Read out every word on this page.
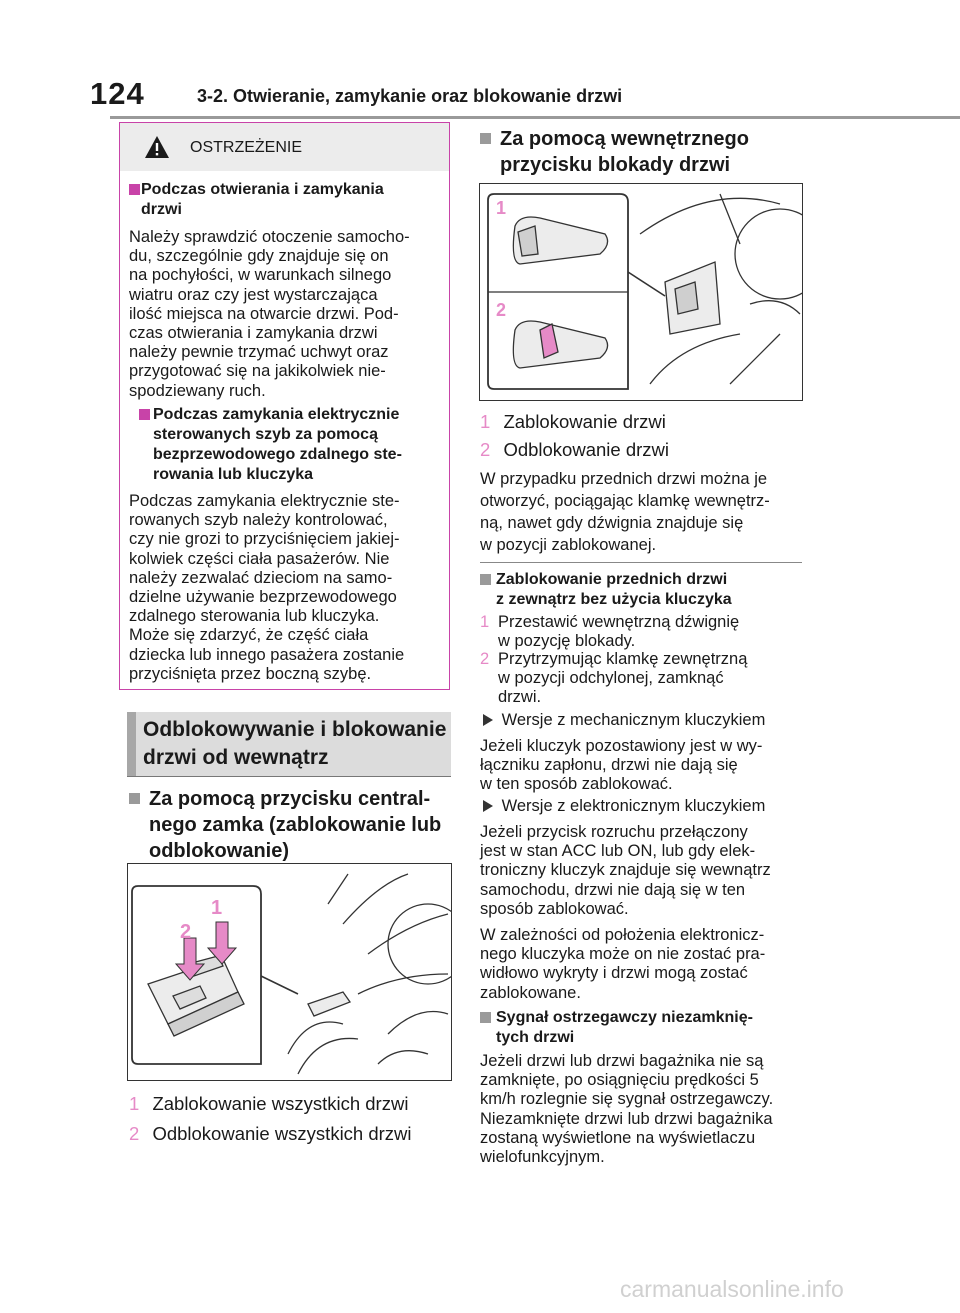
124	3-2. Otwieranie, zamykanie oraz blokowanie drzwi
OSTRZEŻENIE
Podczas otwierania i zamykania
drzwi
Należy sprawdzić otoczenie samocho-
du, szczególnie gdy znajduje się on
na pochyłości, w warunkach silnego
wiatru oraz czy jest wystarczająca
ilość miejsca na otwarcie drzwi. Pod-
czas otwierania i zamykania drzwi
należy pewnie trzymać uchwyt oraz
przygotować się na jakikolwiek nie-
spodziewany ruch.
Podczas zamykania elektrycznie
sterowanych szyb za pomocą
bezprzewodowego zdalnego ste-
rowania lub kluczyka
Podczas zamykania elektrycznie ste-
rowanych szyb należy kontrolować,
czy nie grozi to przyciśnięciem jakiej-
kolwiek części ciała pasażerów. Nie
należy zezwalać dzieciom na samo-
dzielne używanie bezprzewodowego
zdalnego sterowania lub kluczyka.
Może się zdarzyć, że część ciała
dziecka lub innego pasażera zostanie
przyciśnięta przez boczną szybę.
Odblokowywanie i blokowanie
drzwi od wewnątrz
Za pomocą przycisku central-
nego zamka (zablokowanie lub
odblokowanie)
1
2
1 Zablokowanie wszystkich drzwi
2 Odblokowanie wszystkich drzwi
Za pomocą wewnętrznego
przycisku blokady drzwi
1
2
1 Zablokowanie drzwi
2 Odblokowanie drzwi
W przypadku przednich drzwi można je
otworzyć, pociągając klamkę wewnętrz-
ną, nawet gdy dźwignia znajduje się
w pozycji zablokowanej.
Zablokowanie przednich drzwi
z zewnątrz bez użycia kluczyka
1 Przestawić wewnętrzną dźwignię
w pozycję blokady.
2 Przytrzymując klamkę zewnętrzną
w pozycji odchylonej, zamknąć
drzwi.
Wersje z mechanicznym kluczykiem
Jeżeli kluczyk pozostawiony jest w wy-
łączniku zapłonu, drzwi nie dają się
w ten sposób zablokować.
Wersje z elektronicznym kluczykiem
Jeżeli przycisk rozruchu przełączony
jest w stan ACC lub ON, lub gdy elek-
troniczny kluczyk znajduje się wewnątrz
samochodu, drzwi nie dają się w ten
sposób zablokować.
W zależności od położenia elektronicz-
nego kluczyka może on nie zostać pra-
widłowo wykryty i drzwi mogą zostać
zablokowane.
Sygnał ostrzegawczy niezamknię-
tych drzwi
Jeżeli drzwi lub drzwi bagażnika nie są
zamknięte, po osiągnięciu prędkości 5
km/h rozlegnie się sygnał ostrzegawczy.
Niezamknięte drzwi lub drzwi bagażnika
zostaną wyświetlone na wyświetlaczu
wielofunkcyjnym.
carmanualsonline.info
